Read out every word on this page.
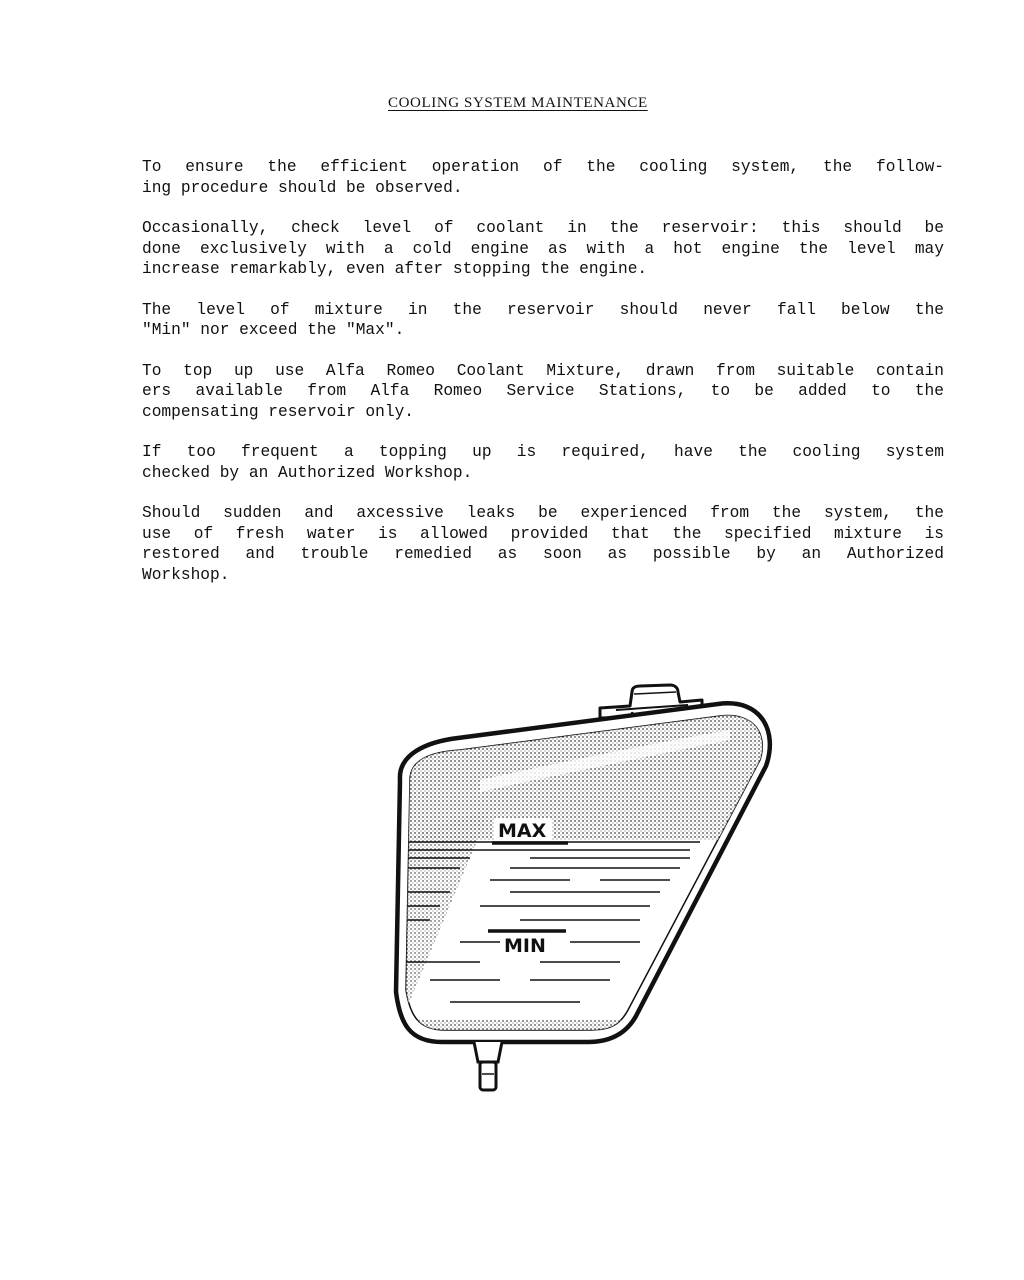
COOLING SYSTEM MAINTENANCE
To ensure the efficient operation of the cooling system, the follow-
ing procedure should be observed.
Occasionally, check level of coolant in the reservoir: this should be
done exclusively with a cold engine as with a hot engine the level may
increase remarkably, even after stopping the engine.
The level of mixture in the reservoir should never fall below the
"Min" nor exceed the "Max".
To top up use Alfa Romeo Coolant Mixture, drawn from suitable contain
ers available from Alfa Romeo Service Stations, to be added to the
compensating reservoir only.
If too frequent a topping up is required, have the cooling system
checked by an Authorized Workshop.
Should sudden and axcessive leaks be experienced from the system, the
use of fresh water is allowed provided that the specified mixture is
restored and trouble remedied as soon as possible by an Authorized
Workshop.
MAX
MIN
